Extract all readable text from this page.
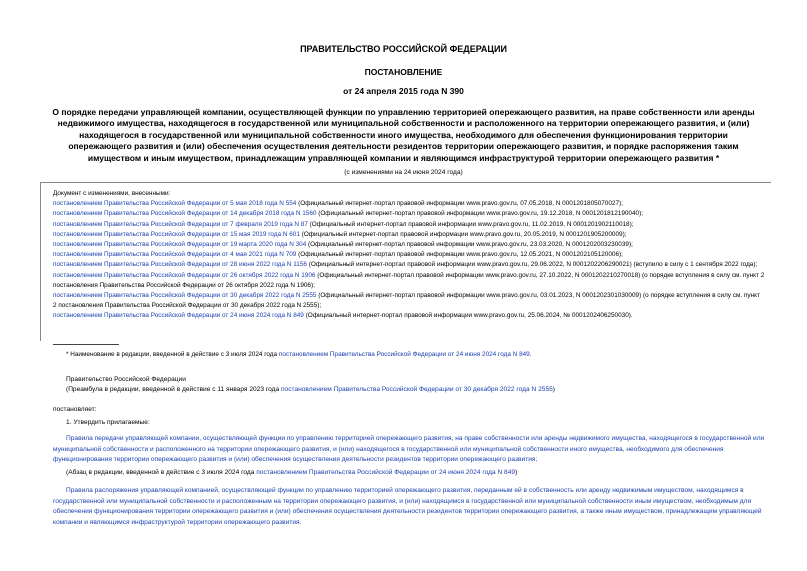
ПРАВИТЕЛЬСТВО РОССИЙСКОЙ ФЕДЕРАЦИИ
ПОСТАНОВЛЕНИЕ
от 24 апреля 2015 года N 390
О порядке передачи управляющей компании, осуществляющей функции по управлению территорией опережающего развития, на праве собственности или аренды недвижимого имущества, находящегося в государственной или муниципальной собственности и расположенного на территории опережающего развития, и (или) находящегося в государственной или муниципальной собственности иного имущества, необходимого для обеспечения функционирования территории опережающего развития и (или) обеспечения осуществления деятельности резидентов территории опережающего развития, и порядке распоряжения таким имуществом и иным имуществом, принадлежащим управляющей компании и являющимся инфраструктурой территории опережающего развития *
(с изменениями на 24 июня 2024 года)
Документ с изменениями, внесенными:
постановлением Правительства Российской Федерации от 5 мая 2018 года N 554 (Официальный интернет-портал правовой информации www.pravo.gov.ru, 07.05.2018, N 0001201805070027);
постановлением Правительства Российской Федерации от 14 декабря 2018 года N 1560 (Официальный интернет-портал правовой информации www.pravo.gov.ru, 19.12.2018, N 0001201812190040);
постановлением Правительства Российской Федерации от 7 февраля 2019 года N 87 (Официальный интернет-портал правовой информации www.pravo.gov.ru, 11.02.2019, N 0001201902110018);
постановлением Правительства Российской Федерации от 15 мая 2019 года N 601 (Официальный интернет-портал правовой информации www.pravo.gov.ru, 20.05.2019, N 0001201905200009);
постановлением Правительства Российской Федерации от 19 марта 2020 года N 304 (Официальный интернет-портал правовой информации www.pravo.gov.ru, 23.03.2020, N 0001202003230039);
постановлением Правительства Российской Федерации от 4 мая 2021 года N 709 (Официальный интернет-портал правовой информации www.pravo.gov.ru, 12.05.2021, N 0001202105120006);
постановлением Правительства Российской Федерации от 28 июня 2022 года N 1156 (Официальный интернет-портал правовой информации www.pravo.gov.ru, 29.06.2022, N 0001202206290021) (вступило в силу с 1 сентября 2022 года);
постановлением Правительства Российской Федерации от 26 октября 2022 года N 1906 (Официальный интернет-портал правовой информации www.pravo.gov.ru, 27.10.2022, N 0001202210270018) (о порядке вступления в силу см. пункт 2 постановления Правительства Российской Федерации от 26 октября 2022 года N 1906);
постановлением Правительства Российской Федерации от 30 декабря 2022 года N 2555 (Официальный интернет-портал правовой информации www.pravo.gov.ru, 03.01.2023, N 0001202301030009) (о порядке вступления в силу см. пункт 2 постановления Правительства Российской Федерации от 30 декабря 2022 года N 2555);
постановлением Правительства Российской Федерации от 24 июня 2024 года N 849 (Официальный интернет-портал правовой информации www.pravo.gov.ru, 25.06.2024, № 0001202406250030).
* Наименование в редакции, введенной в действие с 3 июля 2024 года постановлением Правительства Российской Федерации от 24 июня 2024 года N 849.
Правительство Российской Федерации
(Преамбула в редакции, введенной в действие с 11 января 2023 года постановлением Правительства Российской Федерации от 30 декабря 2022 года N 2555)
постановляет:
1. Утвердить прилагаемые:
Правила передачи управляющей компании, осуществляющей функции по управлению территорией опережающего развития, на праве собственности или аренды недвижимого имущества, находящегося в государственной или муниципальной собственности и расположенного на территории опережающего развития, и (или) находящегося в государственной или муниципальной собственности иного имущества, необходимого для обеспечения функционирования территории опережающего развития и (или) обеспечения осуществления деятельности резидентов территории опережающего развития;
(Абзац в редакции, введенной в действие с 3 июля 2024 года постановлением Правительства Российской Федерации от 24 июня 2024 года N 849)
Правила распоряжения управляющей компанией, осуществляющей функции по управлению территорией опережающего развития, переданным ей в собственность или аренду недвижимым имуществом, находящимся в государственной или муниципальной собственности и расположенным на территории опережающего развития, и (или) находящимся в государственной или муниципальной собственности иным имуществом, необходимым для обеспечения функционирования территории опережающего развития и (или) обеспечения осуществления деятельности резидентов территории опережающего развития, а также иным имуществом, принадлежащим управляющей компании и являющимся инфраструктурой территории опережающего развития.
